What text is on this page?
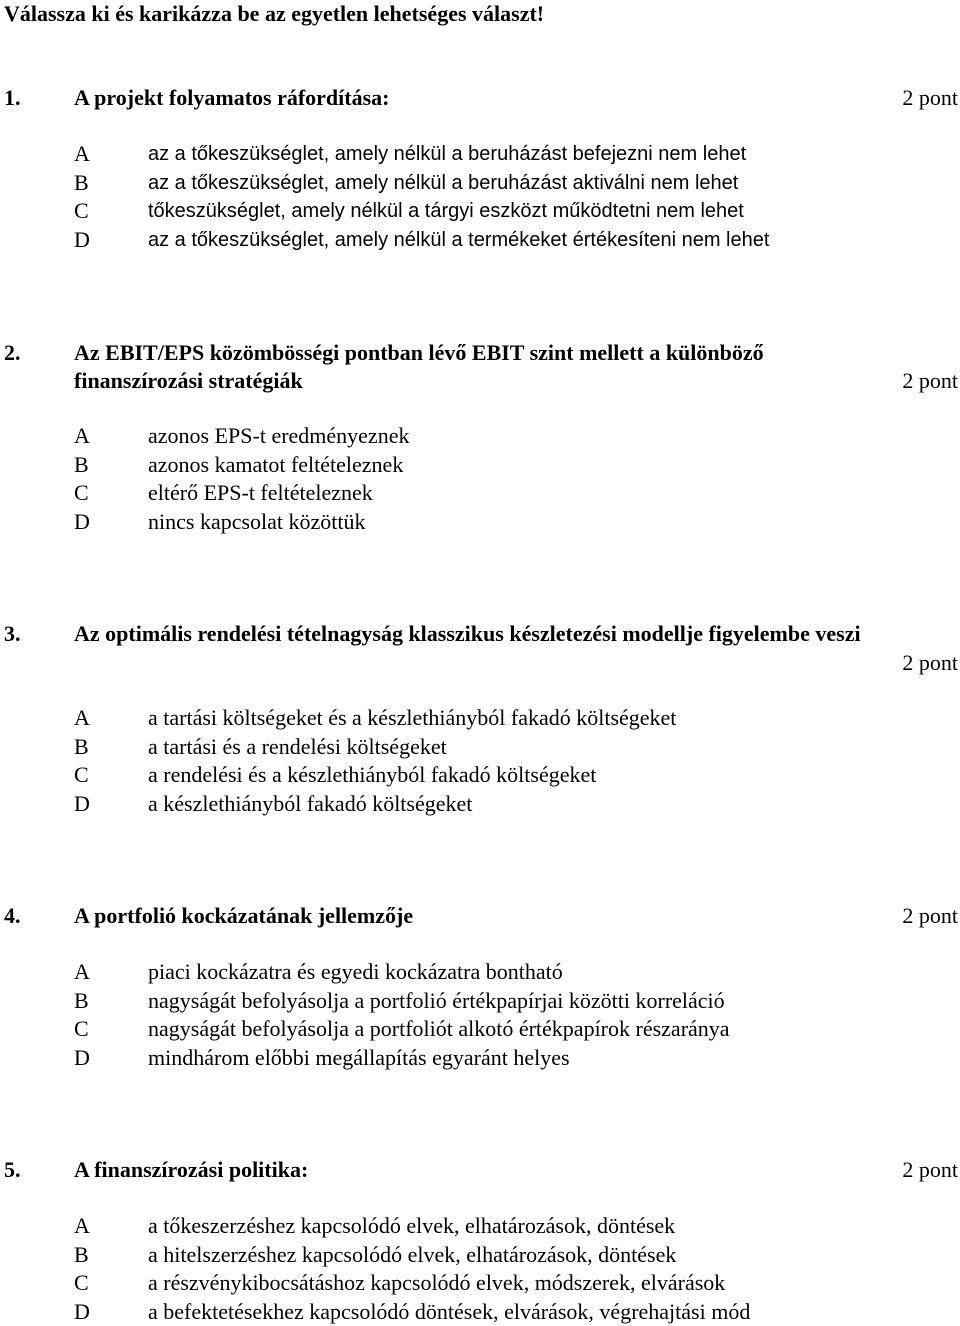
Válassza ki és karikázza be az egyetlen lehetséges választ!
1. A projekt folyamatos ráfordítása:	2 pont
A	az a tőkeszükséglet, amely nélkül a beruházást befejezni nem lehet
B	az a tőkeszükséglet, amely nélkül a beruházást aktiválni nem lehet
C	tőkeszükséglet, amely nélkül a tárgyi eszközt működtetni nem lehet
D	az a tőkeszükséglet, amely nélkül a termékeket értékesíteni nem lehet
2. Az EBIT/EPS közömbösségi pontban lévő EBIT szint mellett a különböző
finanszírozási stratégiák	2 pont
A	azonos EPS-t eredményeznek
B	azonos kamatot feltételeznek
C	eltérő EPS-t feltételeznek
D	nincs kapcsolat közöttük
3. Az optimális rendelési tételnagyság klasszikus készletezési modellje figyelembe veszi
2 pont
A	a tartási költségeket és a készlethiányból fakadó költségeket
B	a tartási és a rendelési költségeket
C	a rendelési és a készlethiányból fakadó költségeket
D	a készlethiányból fakadó költségeket
4. A portfolió kockázatának jellemzője	2 pont
A	piaci kockázatra és egyedi kockázatra bontható
B	nagyságát befolyásolja a portfolió értékpapírjai közötti korreláció
C	nagyságát befolyásolja a portfoliót alkotó értékpapírok részaránya
D	mindhárom előbbi megállapítás egyaránt helyes
5. A finanszírozási politika:	2 pont
A	a tőkeszerzéshez kapcsolódó elvek, elhatározások, döntések
B	a hitelszerzéshez kapcsolódó elvek, elhatározások, döntések
C	a részvénykibocsátáshoz kapcsolódó elvek, módszerek, elvárások
D	a befektetésekhez kapcsolódó döntések, elvárások, végrehajtási mód
